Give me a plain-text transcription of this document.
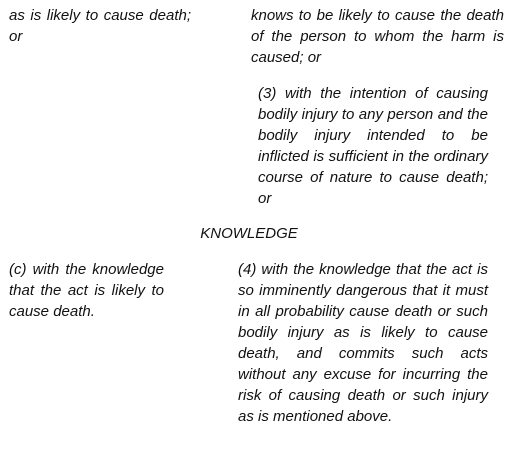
as is likely to cause death; or

knows to be likely to cause the death of the person to whom the harm is caused; or

(3) with the intention of causing bodily injury to any person and the bodily injury intended to be inflicted is sufficient in the ordinary course of nature to cause death; or

KNOWLEDGE

(c) with the knowledge that the act is likely to cause death.

(4) with the knowledge that the act is so imminently dangerous that it must in all probability cause death or such bodily injury as is likely to cause death, and commits such acts without any excuse for incurring the risk of causing death or such injury as is mentioned above.
